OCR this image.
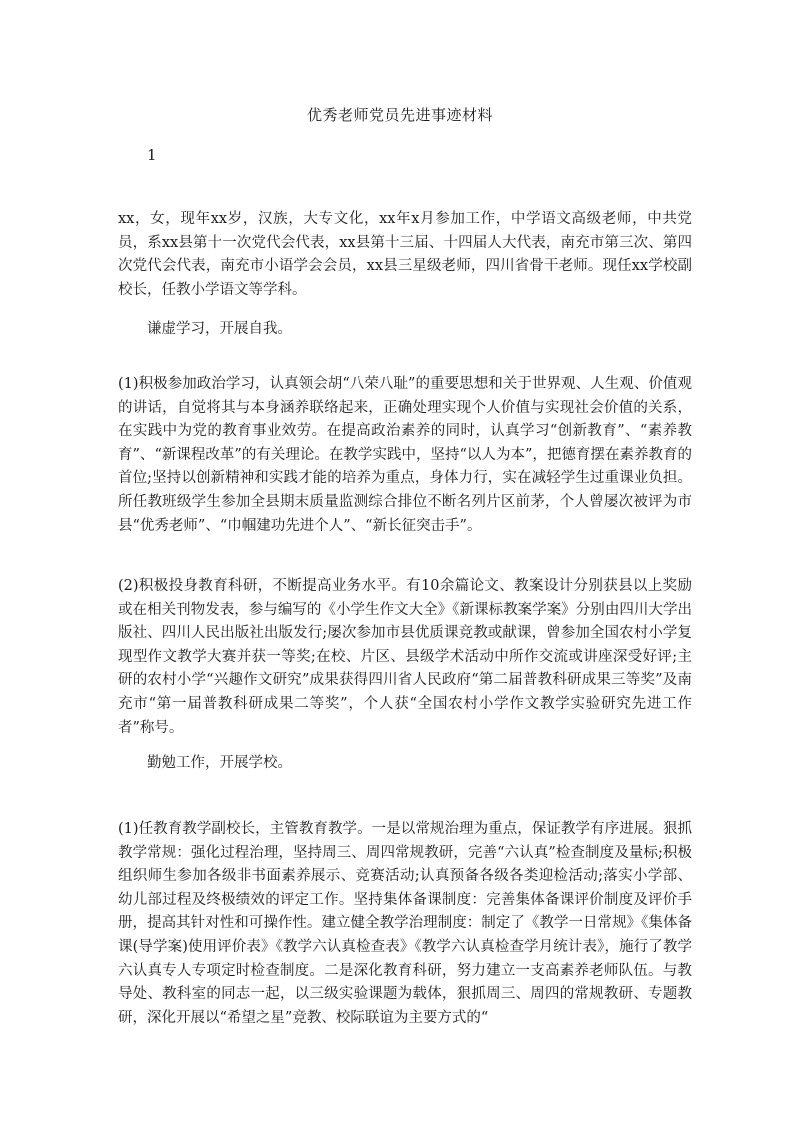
优秀老师党员先进事迹材料
1
xx，女，现年xx岁，汉族，大专文化，xx年x月参加工作，中学语文高级老师，中共党员，系xx县第十一次党代会代表，xx县第十三届、十四届人大代表，南充市第三次、第四次党代会代表，南充市小语学会会员，xx县三星级老师，四川省骨干老师。现任xx学校副校长，任教小学语文等学科。
谦虚学习，开展自我。
(1)积极参加政治学习，认真领会胡“八荣八耻”的重要思想和关于世界观、人生观、价值观的讲话，自觉将其与本身涵养联络起来，正确处理实现个人价值与实现社会价值的关系，在实践中为党的教育事业效劳。在提高政治素养的同时，认真学习“创新教育”、“素养教育”、“新课程改革”的有关理论。在教学实践中，坚持“以人为本”，把德育摆在素养教育的首位;坚持以创新精神和实践才能的培养为重点，身体力行，实在减轻学生过重课业负担。所任教班级学生参加全县期末质量监测综合排位不断名列片区前茅，个人曾屡次被评为市县“优秀老师”、“巾帼建功先进个人”、“新长征突击手”。
(2)积极投身教育科研，不断提高业务水平。有10余篇论文、教案设计分别获县以上奖励或在相关刊物发表，参与编写的《小学生作文大全》《新课标教案学案》分别由四川大学出版社、四川人民出版社出版发行;屡次参加市县优质课竞教或献课，曾参加全国农村小学复现型作文教学大赛并获一等奖;在校、片区、县级学术活动中所作交流或讲座深受好评;主研的农村小学“兴趣作文研究”成果获得四川省人民政府“第二届普教科研成果三等奖”及南充市“第一届普教科研成果二等奖”，个人获“全国农村小学作文教学实验研究先进工作者”称号。
勤勉工作，开展学校。
(1)任教育教学副校长，主管教育教学。一是以常规治理为重点，保证教学有序进展。狠抓教学常规：强化过程治理，坚持周三、周四常规教研，完善“六认真”检查制度及量标;积极组织师生参加各级非书面素养展示、竞赛活动;认真预备各级各类迎检活动;落实小学部、幼儿部过程及终极绩效的评定工作。坚持集体备课制度：完善集体备课评价制度及评价手册，提高其针对性和可操作性。建立健全教学治理制度：制定了《教学一日常规》《集体备课(导学案)使用评价表》《教学六认真检查表》《教学六认真检查学月统计表》，施行了教学六认真专人专项定时检查制度。二是深化教育科研，努力建立一支高素养老师队伍。与教导处、教科室的同志一起，以三级实验课题为载体，狠抓周三、周四的常规教研、专题教研，深化开展以“希望之星”竞教、校际联谊为主要方式的“
